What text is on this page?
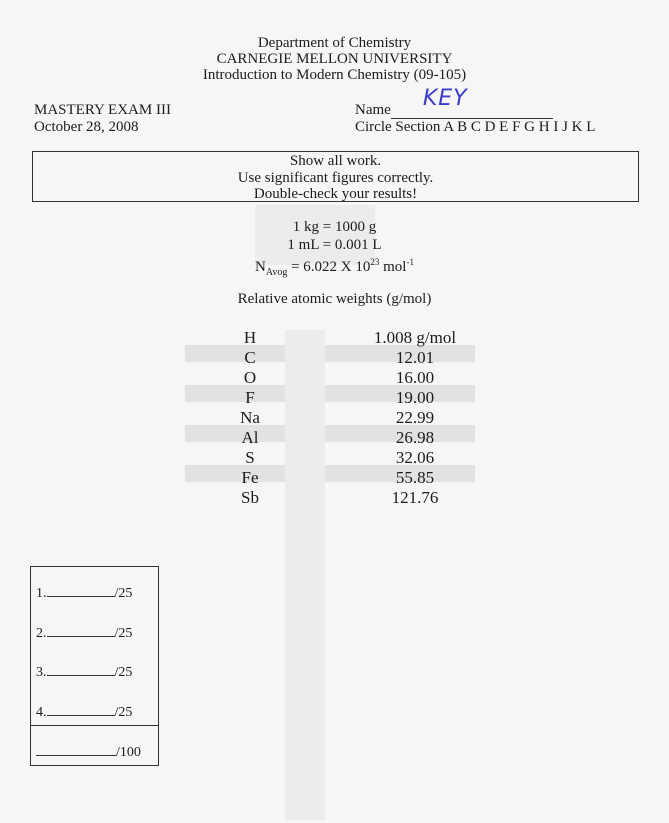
Department of Chemistry
CARNEGIE MELLON UNIVERSITY
Introduction to Modern Chemistry (09-105)
MASTERY EXAM III
October 28, 2008
Name KEY
Circle Section A B C D E F G H I J K L
Show all work.
Use significant figures correctly.
Double-check your results!
1 kg = 1000 g
1 mL = 0.001 L
$N_{Avog} = 6.022$ X $10^{23}$ mol$^{-1}$
Relative atomic weights (g/mol)
H	1.008 g/mol
C	12.01
O	16.00
F	19.00
Na	22.99
Al	26.98
S	32.06
Fe	55.85
Sb	121.76
1.	/25
2.	/25
3.	/25
4.	/25
/100
